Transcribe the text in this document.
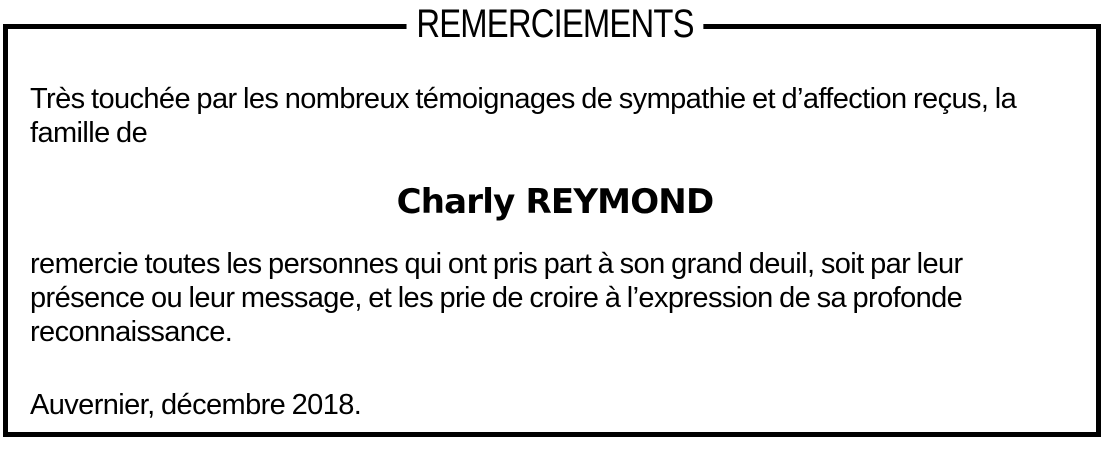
REMERCIEMENTS
Très touchée par les nombreux témoignages de sympathie et d’affection reçus, la famille de
Charly REYMOND
remercie toutes les personnes qui ont pris part à son grand deuil, soit par leur présence ou leur message, et les prie de croire à l’expression de sa profonde reconnaissance.
Auvernier, décembre 2018.
